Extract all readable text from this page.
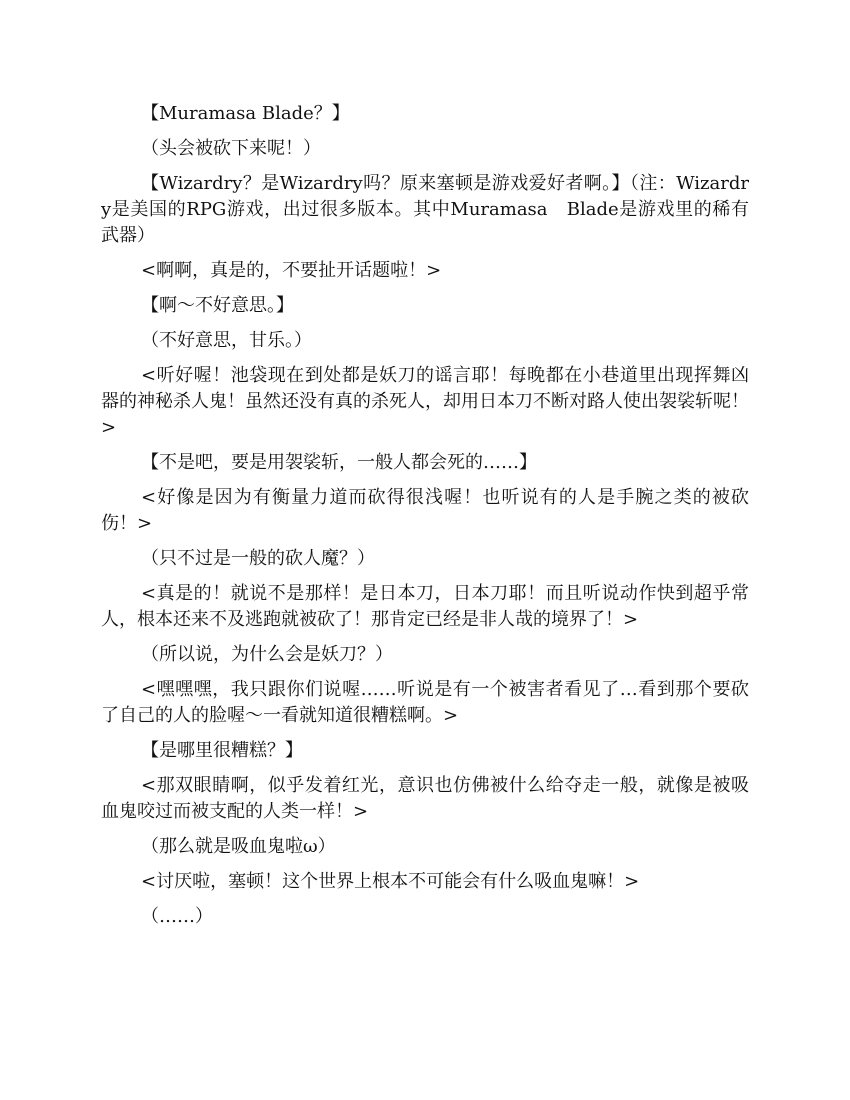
【Muramasa Blade？】

（头会被砍下来呢！）

【Wizardry？是Wizardry吗？原来塞顿是游戏爱好者啊。】（注：Wizardry是美国的RPG游戏，出过很多版本。其中Muramasa　Blade是游戏里的稀有武器）

<啊啊，真是的，不要扯开话题啦！>

【啊～不好意思。】

（不好意思，甘乐。）

<听好喔！池袋现在到处都是妖刀的谣言耶！每晚都在小巷道里出现挥舞凶器的神秘杀人鬼！虽然还没有真的杀死人，却用日本刀不断对路人使出袈裟斩呢！>

【不是吧，要是用袈裟斩，一般人都会死的……】

<好像是因为有衡量力道而砍得很浅喔！也听说有的人是手腕之类的被砍伤！>

（只不过是一般的砍人魔？）

<真是的！就说不是那样！是日本刀，日本刀耶！而且听说动作快到超乎常人，根本还来不及逃跑就被砍了！那肯定已经是非人哉的境界了！>

（所以说，为什么会是妖刀？）

<嘿嘿嘿，我只跟你们说喔……听说是有一个被害者看见了…看到那个要砍了自己的人的脸喔～一看就知道很糟糕啊。>

【是哪里很糟糕？】

<那双眼睛啊，似乎发着红光，意识也仿佛被什么给夺走一般，就像是被吸血鬼咬过而被支配的人类一样！>

（那么就是吸血鬼啦ω）

<讨厌啦，塞顿！这个世界上根本不可能会有什么吸血鬼嘛！>

（……）
